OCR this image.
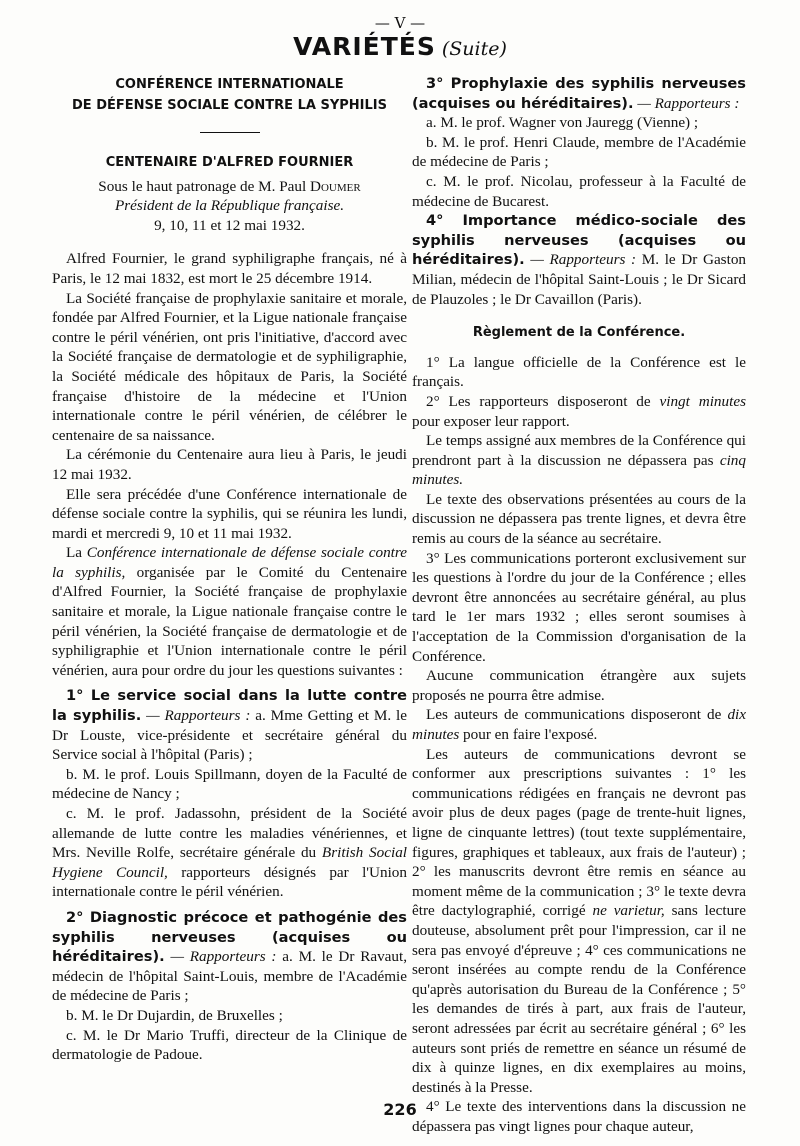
— V —
VARIÉTÉS (Suite)
CONFÉRENCE INTERNATIONALE
DE DÉFENSE SOCIALE CONTRE LA SYPHILIS
CENTENAIRE D'ALFRED FOURNIER

Sous le haut patronage de M. Paul Doumer

Président de la République française.

9, 10, 11 et 12 mai 1932.

Alfred Fournier, le grand syphiligraphe français, né à Paris, le 12 mai 1832, est mort le 25 décembre 1914.

La Société française de prophylaxie sanitaire et morale, fondée par Alfred Fournier, et la Ligue nationale française contre le péril vénérien, ont pris l'initiative, d'accord avec la Société française de dermatologie et de syphiligraphie, la Société médicale des hôpitaux de Paris, la Société française d'histoire de la médecine et l'Union internationale contre le péril vénérien, de célébrer le centenaire de sa naissance.

La cérémonie du Centenaire aura lieu à Paris, le jeudi 12 mai 1932.

Elle sera précédée d'une Conférence internationale de défense sociale contre la syphilis, qui se réunira les lundi, mardi et mercredi 9, 10 et 11 mai 1932.

La Conférence internationale de défense sociale contre la syphilis, organisée par le Comité du Centenaire d'Alfred Fournier, la Société française de prophylaxie sanitaire et morale, la Ligue nationale française contre le péril vénérien, la Société française de dermatologie et de syphiligraphie et l'Union internationale contre le péril vénérien, aura pour ordre du jour les questions suivantes :

1° Le service social dans la lutte contre la syphilis. — Rapporteurs : a. Mme Getting et M. le Dr Louste, vice-présidente et secrétaire général du Service social à l'hôpital (Paris) ;

b. M. le prof. Louis Spillmann, doyen de la Faculté de médecine de Nancy ;

c. M. le prof. Jadassohn, président de la Société allemande de lutte contre les maladies vénériennes, et Mrs. Neville Rolfe, secrétaire générale du British Social Hygiene Council, rapporteurs désignés par l'Union internationale contre le péril vénérien.

2° Diagnostic précoce et pathogénie des syphilis nerveuses (acquises ou héréditaires). — Rapporteurs : a. M. le Dr Ravaut, médecin de l'hôpital Saint-Louis, membre de l'Académie de médecine de Paris ;

b. M. le Dr Dujardin, de Bruxelles ;

c. M. le Dr Mario Truffi, directeur de la Clinique de dermatologie de Padoue.

3° Prophylaxie des syphilis nerveuses (acquises ou héréditaires). — Rapporteurs :

a. M. le prof. Wagner von Jauregg (Vienne) ;

b. M. le prof. Henri Claude, membre de l'Académie de médecine de Paris ;

c. M. le prof. Nicolau, professeur à la Faculté de médecine de Bucarest.

4° Importance médico-sociale des syphilis nerveuses (acquises ou héréditaires). — Rapporteurs : M. le Dr Gaston Milian, médecin de l'hôpital Saint-Louis ; le Dr Sicard de Plauzoles ; le Dr Cavaillon (Paris).

Règlement de la Conférence.

1° La langue officielle de la Conférence est le français.

2° Les rapporteurs disposeront de vingt minutes pour exposer leur rapport.

Le temps assigné aux membres de la Conférence qui prendront part à la discussion ne dépassera pas cinq minutes.

Le texte des observations présentées au cours de la discussion ne dépassera pas trente lignes, et devra être remis au cours de la séance au secrétaire.

3° Les communications porteront exclusivement sur les questions à l'ordre du jour de la Conférence ; elles devront être annoncées au secrétaire général, au plus tard le 1er mars 1932 ; elles seront soumises à l'acceptation de la Commission d'organisation de la Conférence.

Aucune communication étrangère aux sujets proposés ne pourra être admise.

Les auteurs de communications disposeront de dix minutes pour en faire l'exposé.

Les auteurs de communications devront se conformer aux prescriptions suivantes : 1° les communications rédigées en français ne devront pas avoir plus de deux pages (page de trente-huit lignes, ligne de cinquante lettres) (tout texte supplémentaire, figures, graphiques et tableaux, aux frais de l'auteur) ; 2° les manuscrits devront être remis en séance au moment même de la communication ; 3° le texte devra être dactylographié, corrigé ne varietur, sans lecture douteuse, absolument prêt pour l'impression, car il ne sera pas envoyé d'épreuve ; 4° ces communications ne seront insérées au compte rendu de la Conférence qu'après autorisation du Bureau de la Conférence ; 5° les demandes de tirés à part, aux frais de l'auteur, seront adressées par écrit au secrétaire général ; 6° les auteurs sont priés de remettre en séance un résumé de dix à quinze lignes, en dix exemplaires au moins, destinés à la Presse.

4° Le texte des interventions dans la discussion ne dépassera pas vingt lignes pour chaque auteur,

226
